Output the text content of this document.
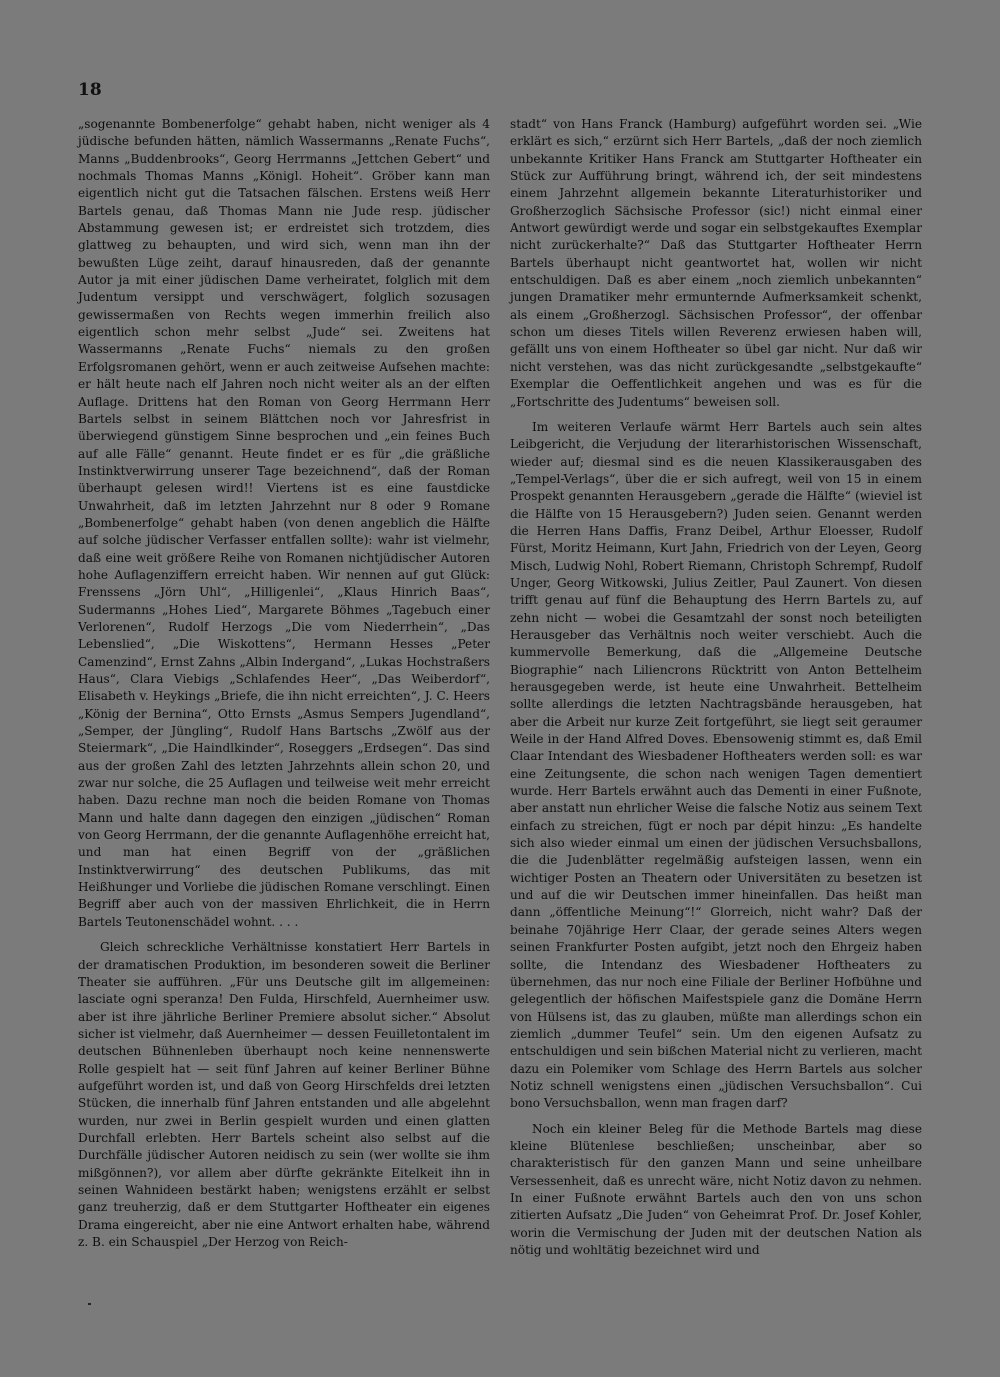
18

„sogenannte Bombenerfolge“ gehabt haben, nicht weniger als 4 jüdische befunden hätten, nämlich Wassermanns „Renate Fuchs“, Manns „Buddenbrooks“, Georg Herrmanns „Jettchen Gebert“ und nochmals Thomas Manns „Königl. Hoheit“. Gröber kann man eigentlich nicht gut die Tatsachen fälschen. Erstens weiß Herr Bartels genau, daß Thomas Mann nie Jude resp. jüdischer Abstammung gewesen ist; er erdreistet sich trotzdem, dies glattweg zu behaupten, und wird sich, wenn man ihn der bewußten Lüge zeiht, darauf hinausreden, daß der genannte Autor ja mit einer jüdischen Dame verheiratet, folglich mit dem Judentum versippt und verschwägert, folglich sozusagen gewissermaßen von Rechts wegen immerhin freilich also eigentlich schon mehr selbst „Jude“ sei. Zweitens hat Wassermanns „Renate Fuchs“ niemals zu den großen Erfolgsromanen gehört, wenn er auch zeitweise Aufsehen machte: er hält heute nach elf Jahren noch nicht weiter als an der elften Auflage. Drittens hat den Roman von Georg Herrmann Herr Bartels selbst in seinem Blättchen noch vor Jahresfrist in überwiegend günstigem Sinne besprochen und „ein feines Buch auf alle Fälle“ genannt. Heute findet er es für „die gräßliche Instinktverwirrung unserer Tage bezeichnend“, daß der Roman überhaupt gelesen wird!! Viertens ist es eine faustdicke Unwahrheit, daß im letzten Jahrzehnt nur 8 oder 9 Romane „Bombenerfolge“ gehabt haben (von denen angeblich die Hälfte auf solche jüdischer Verfasser entfallen sollte): wahr ist vielmehr, daß eine weit größere Reihe von Romanen nichtjüdischer Autoren hohe Auflagenziffern erreicht haben. Wir nennen auf gut Glück: Frenssens „Jörn Uhl“, „Hilligenlei“, „Klaus Hinrich Baas“, Sudermanns „Hohes Lied“, Margarete Böhmes „Tagebuch einer Verlorenen“, Rudolf Herzogs „Die vom Niederrhein“, „Das Lebenslied“, „Die Wiskottens“, Hermann Hesses „Peter Camenzind“, Ernst Zahns „Albin Indergand“, „Lukas Hochstraßers Haus“, Clara Viebigs „Schlafendes Heer“, „Das Weiberdorf“, Elisabeth v. Heykings „Briefe, die ihn nicht erreichten“, J. C. Heers „König der Bernina“, Otto Ernsts „Asmus Sempers Jugendland“, „Semper, der Jüngling“, Rudolf Hans Bartschs „Zwölf aus der Steiermark“, „Die Haindlkinder“, Roseggers „Erdsegen“. Das sind aus der großen Zahl des letzten Jahrzehnts allein schon 20, und zwar nur solche, die 25 Auflagen und teilweise weit mehr erreicht haben. Dazu rechne man noch die beiden Romane von Thomas Mann und halte dann dagegen den einzigen „jüdischen“ Roman von Georg Herrmann, der die genannte Auflagenhöhe erreicht hat, und man hat einen Begriff von der „gräßlichen Instinktverwirrung“ des deutschen Publikums, das mit Heißhunger und Vorliebe die jüdischen Romane verschlingt. Einen Begriff aber auch von der massiven Ehrlichkeit, die in Herrn Bartels Teutonenschädel wohnt. . . .

Gleich schreckliche Verhältnisse konstatiert Herr Bartels in der dramatischen Produktion, im besonderen soweit die Berliner Theater sie aufführen. „Für uns Deutsche gilt im allgemeinen: lasciate ogni speranza! Den Fulda, Hirschfeld, Auernheimer usw. aber ist ihre jährliche Berliner Premiere absolut sicher.“ Absolut sicher ist vielmehr, daß Auernheimer — dessen Feuilletontalent im deutschen Bühnenleben überhaupt noch keine nennenswerte Rolle gespielt hat — seit fünf Jahren auf keiner Berliner Bühne aufgeführt worden ist, und daß von Georg Hirschfelds drei letzten Stücken, die innerhalb fünf Jahren entstanden und alle abgelehnt wurden, nur zwei in Berlin gespielt wurden und einen glatten Durchfall erlebten. Herr Bartels scheint also selbst auf die Durchfälle jüdischer Autoren neidisch zu sein (wer wollte sie ihm mißgönnen?), vor allem aber dürfte gekränkte Eitelkeit ihn in seinen Wahnideen bestärkt haben; wenigstens erzählt er selbst ganz treuherzig, daß er dem Stuttgarter Hoftheater ein eigenes Drama eingereicht, aber nie eine Antwort erhalten habe, während z. B. ein Schauspiel „Der Herzog von Reich-

stadt“ von Hans Franck (Hamburg) aufgeführt worden sei. „Wie erklärt es sich,“ erzürnt sich Herr Bartels, „daß der noch ziemlich unbekannte Kritiker Hans Franck am Stuttgarter Hoftheater ein Stück zur Aufführung bringt, während ich, der seit mindestens einem Jahrzehnt allgemein bekannte Literaturhistoriker und Großherzoglich Sächsische Professor (sic!) nicht einmal einer Antwort gewürdigt werde und sogar ein selbstgekauftes Exemplar nicht zurückerhalte?“ Daß das Stuttgarter Hoftheater Herrn Bartels überhaupt nicht geantwortet hat, wollen wir nicht entschuldigen. Daß es aber einem „noch ziemlich unbekannten“ jungen Dramatiker mehr ermunternde Aufmerksamkeit schenkt, als einem „Großherzogl. Sächsischen Professor“, der offenbar schon um dieses Titels willen Reverenz erwiesen haben will, gefällt uns von einem Hoftheater so übel gar nicht. Nur daß wir nicht verstehen, was das nicht zurückgesandte „selbstgekaufte“ Exemplar die Oeffentlichkeit angehen und was es für die „Fortschritte des Judentums“ beweisen soll.

Im weiteren Verlaufe wärmt Herr Bartels auch sein altes Leibgericht, die Verjudung der literarhistorischen Wissenschaft, wieder auf; diesmal sind es die neuen Klassikerausgaben des „Tempel-Verlags“, über die er sich aufregt, weil von 15 in einem Prospekt genannten Herausgebern „gerade die Hälfte“ (wieviel ist die Hälfte von 15 Herausgebern?) Juden seien. Genannt werden die Herren Hans Daffis, Franz Deibel, Arthur Eloesser, Rudolf Fürst, Moritz Heimann, Kurt Jahn, Friedrich von der Leyen, Georg Misch, Ludwig Nohl, Robert Riemann, Christoph Schrempf, Rudolf Unger, Georg Witkowski, Julius Zeitler, Paul Zaunert. Von diesen trifft genau auf fünf die Behauptung des Herrn Bartels zu, auf zehn nicht — wobei die Gesamtzahl der sonst noch beteiligten Herausgeber das Verhältnis noch weiter verschiebt. Auch die kummervolle Bemerkung, daß die „Allgemeine Deutsche Biographie“ nach Liliencrons Rücktritt von Anton Bettelheim herausgegeben werde, ist heute eine Unwahrheit. Bettelheim sollte allerdings die letzten Nachtragsbände herausgeben, hat aber die Arbeit nur kurze Zeit fortgeführt, sie liegt seit geraumer Weile in der Hand Alfred Doves. Ebensowenig stimmt es, daß Emil Claar Intendant des Wiesbadener Hoftheaters werden soll: es war eine Zeitungsente, die schon nach wenigen Tagen dementiert wurde. Herr Bartels erwähnt auch das Dementi in einer Fußnote, aber anstatt nun ehrlicher Weise die falsche Notiz aus seinem Text einfach zu streichen, fügt er noch par dépit hinzu: „Es handelte sich also wieder einmal um einen der jüdischen Versuchsballons, die die Judenblätter regelmäßig aufsteigen lassen, wenn ein wichtiger Posten an Theatern oder Universitäten zu besetzen ist und auf die wir Deutschen immer hineinfallen. Das heißt man dann „öffentliche Meinung“!“ Glorreich, nicht wahr? Daß der beinahe 70jährige Herr Claar, der gerade seines Alters wegen seinen Frankfurter Posten aufgibt, jetzt noch den Ehrgeiz haben sollte, die Intendanz des Wiesbadener Hoftheaters zu übernehmen, das nur noch eine Filiale der Berliner Hofbühne und gelegentlich der höfischen Maifestspiele ganz die Domäne Herrn von Hülsens ist, das zu glauben, müßte man allerdings schon ein ziemlich „dummer Teufel“ sein. Um den eigenen Aufsatz zu entschuldigen und sein bißchen Material nicht zu verlieren, macht dazu ein Polemiker vom Schlage des Herrn Bartels aus solcher Notiz schnell wenigstens einen „jüdischen Versuchsballon“. Cui bono Versuchsballon, wenn man fragen darf?

Noch ein kleiner Beleg für die Methode Bartels mag diese kleine Blütenlese beschließen; unscheinbar, aber so charakteristisch für den ganzen Mann und seine unheilbare Versessenheit, daß es unrecht wäre, nicht Notiz davon zu nehmen. In einer Fußnote erwähnt Bartels auch den von uns schon zitierten Aufsatz „Die Juden“ von Geheimrat Prof. Dr. Josef Kohler, worin die Vermischung der Juden mit der deutschen Nation als nötig und wohltätig bezeichnet wird und
